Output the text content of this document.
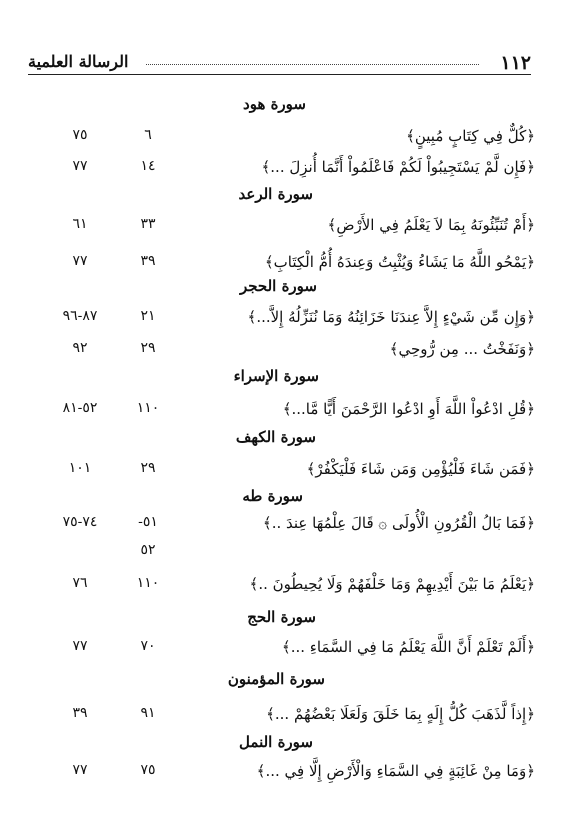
١١٢
الرسالة العلمية
سورة هود
﴿كُلٌّ فِي كِتَابٍ مُبِينٍ﴾
٦
٧٥
﴿فَإِن لَّمْ يَسْتَجِيبُواْ لَكُمْ فَاعْلَمُواْ أَنَّمَا أُنزِلَ ...﴾
١٤
٧٧
سورة الرعد
﴿أَمْ تُنَبِّئُونَهُ بِمَا لاَ يَعْلَمُ فِي الأَرْضِ﴾
٣٣
٦١
﴿يَمْحُو اللَّهُ مَا يَشَاءُ وَيُثْبِتُ وَعِندَهُ أُمُّ الْكِتَابِ﴾
٣٩
٧٧
سورة الحجر
﴿وَإِن مِّن شَيْءٍ إِلاَّ عِندَنَا خَزَائِنُهُ وَمَا نُنَزِّلُهُ إِلاَّ...﴾
٢١
٨٧-٩٦
﴿وَنَفَخْتُ ... مِن رُّوحِي﴾
٢٩
٩٢
سورة الإسراء
﴿قُلِ ادْعُواْ اللَّهَ أَوِ ادْعُوا الرَّحْمَنَ أَيًّا مَّا...﴾
١١٠
٥٢-٨١
سورة الكهف
﴿فَمَن شَاءَ فَلْيُؤْمِن وَمَن شَاءَ فَلْيَكْفُرْ﴾
٢٩
١٠١
سورة طه
﴿فَمَا بَالُ الْقُرُونِ الْأُولَى ۞ قَالَ عِلْمُهَا عِندَ ..﴾
٥١-
٥٢
٧٤-٧٥
﴿يَعْلَمُ مَا بَيْنَ أَيْدِيهِمْ وَمَا خَلْفَهُمْ وَلَا يُحِيطُونَ ..﴾
١١٠
٧٦
سورة الحج
﴿أَلَمْ تَعْلَمْ أَنَّ اللَّهَ يَعْلَمُ مَا فِي السَّمَاءِ ...﴾
٧٠
٧٧
سورة المؤمنون
﴿إِذاً لَّذَهَبَ كُلُّ إِلَهٍ بِمَا خَلَقَ وَلَعَلَا بَعْضُهُمْ ...﴾
٩١
٣٩
سورة النمل
﴿وَمَا مِنْ غَائِبَةٍ فِي السَّمَاءِ وَالْأَرْضِ إِلَّا فِي ...﴾
٧٥
٧٧
